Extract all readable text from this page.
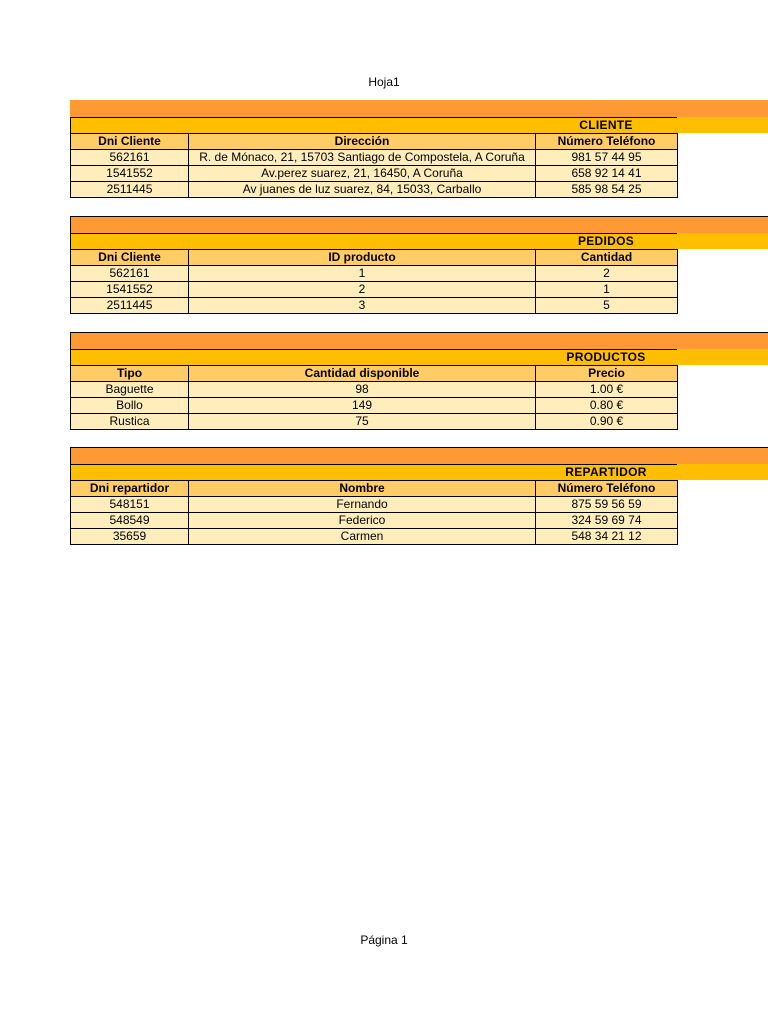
Hoja1
CLIENTE
Dni Cliente	Dirección	Número Teléfono
562161	R. de Mónaco, 21, 15703 Santiago de Compostela, A Coruña	981 57 44 95
1541552	Av.perez suarez, 21, 16450, A Coruña	658 92 14 41
2511445	Av juanes de luz suarez, 84, 15033, Carballo	585 98 54 25
PEDIDOS
Dni Cliente	ID producto	Cantidad
562161	1	2
1541552	2	1
2511445	3	5
PRODUCTOS
Tipo	Cantidad disponible	Precio
Baguette	98	1.00 €
Bollo	149	0.80 €
Rustica	75	0.90 €
REPARTIDOR
Dni repartidor	Nombre	Número Teléfono
548151	Fernando	875 59 56 59
548549	Federico	324 59 69 74
35659	Carmen	548 34 21 12
Página 1
